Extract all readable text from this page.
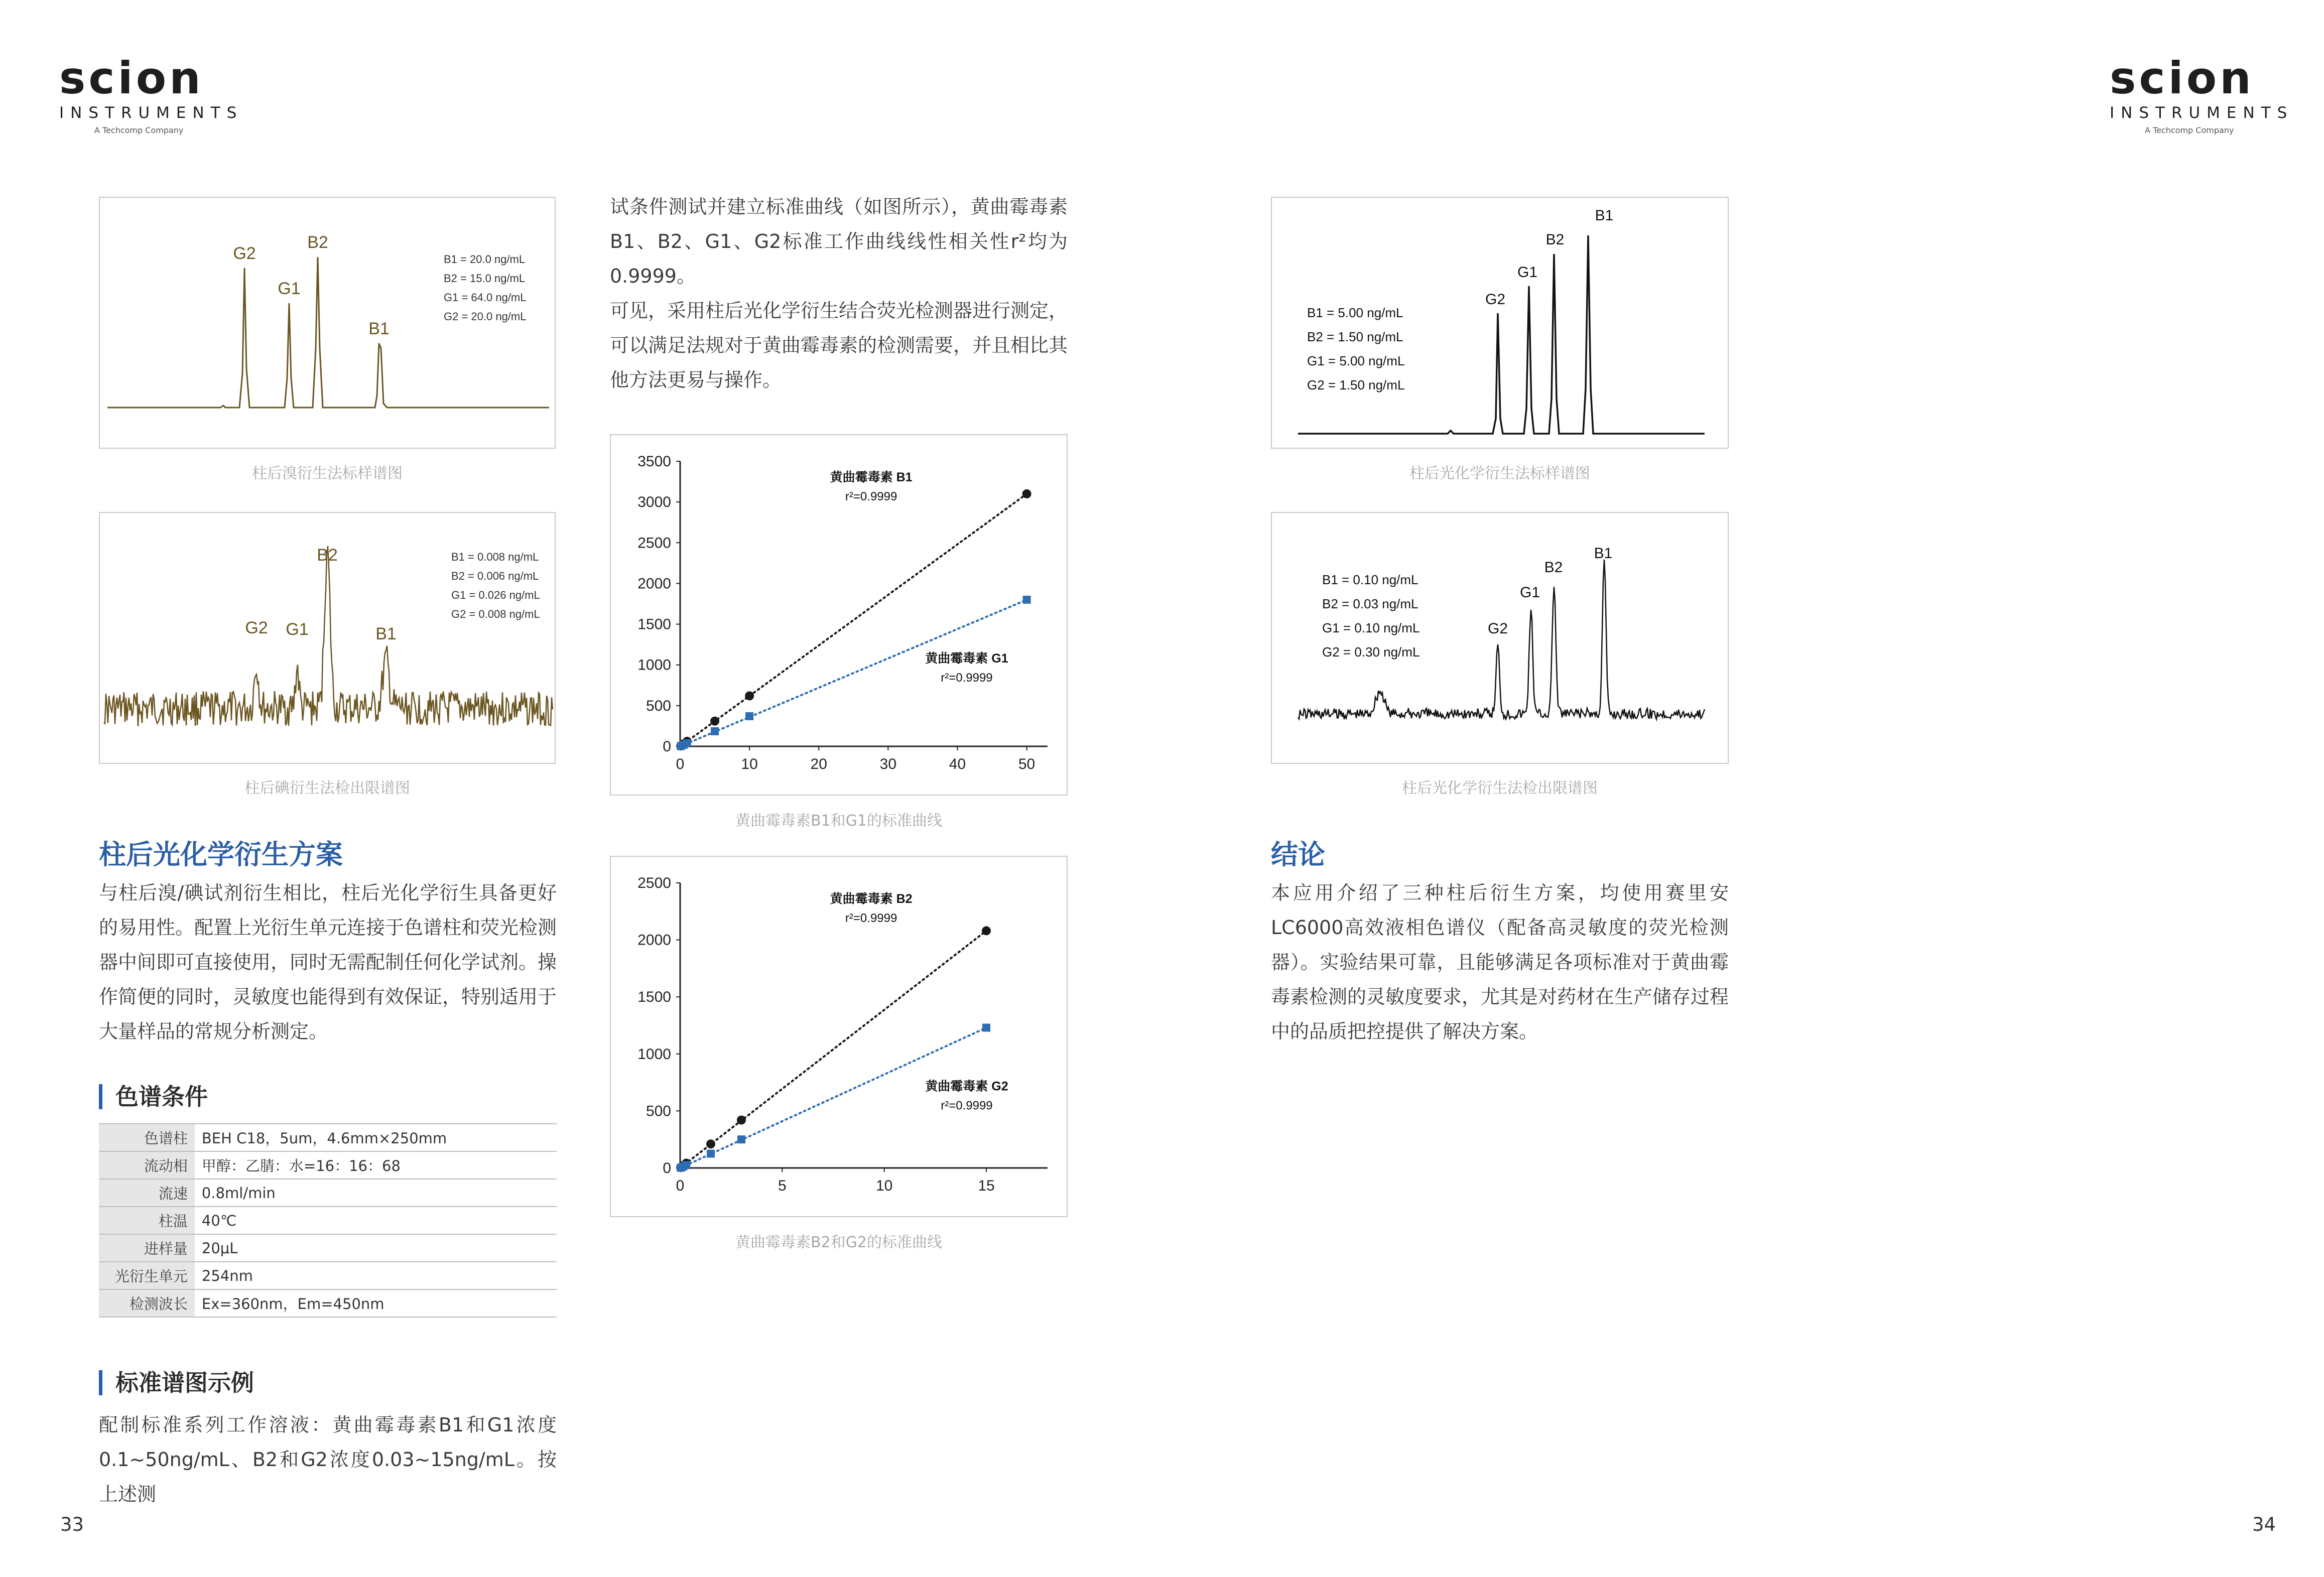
scion
INSTRUMENTS
A Techcomp Company
scion
INSTRUMENTS
A Techcomp Company
G2
G1
B2
B1
B1 = 20.0 ng/mL
B2 = 15.0 ng/mL
G1 = 64.0 ng/mL
G2 = 20.0 ng/mL
柱后溴衍生法标样谱图
G2 G1
B2
B1
B1 = 0.008 ng/mL
B2 = 0.006 ng/mL
G1 = 0.026 ng/mL
G2 = 0.008 ng/mL
柱后碘衍生法检出限谱图
柱后光化学衍生方案
与柱后溴/碘试剂衍生相比，柱后光化学衍生具备更好的易用性。配置上光衍生单元连接于色谱柱和荧光检测器中间即可直接使用，同时无需配制任何化学试剂。操作简便的同时，灵敏度也能得到有效保证，特别适用于大量样品的常规分析测定。
色谱条件
色谱柱	BEH C18，5um，4.6mm×250mm
流动相	甲醇：乙腈：水=16：16：68
流速	0.8ml/min
柱温	40℃
进样量	20μL
光衍生单元	254nm
检测波长	Ex=360nm，Em=450nm
标准谱图示例
配制标准系列工作溶液：黄曲霉毒素B1和G1浓度0.1~50ng/mL、B2和G2浓度0.03~15ng/mL。按上述测
33	34

试条件测试并建立标准曲线（如图所示），黄曲霉毒素B1、B2、G1、G2标准工作曲线线性相关性r²均为0.9999。

可见，采用柱后光化学衍生结合荧光检测器进行测定，可以满足法规对于黄曲霉毒素的检测需要，并且相比其他方法更易与操作。

0
500
1000
1500
2000
2500
3000
3500
0	10	20	30	40	50
黄曲霉毒素 B1
r²=0.9999
黄曲霉毒素 G1
r²=0.9999
黄曲霉毒素B1和G1的标准曲线
0
500
1000
1500
2000
2500
0	5	10	15
黄曲霉毒素 B2
r²=0.9999
黄曲霉毒素 G2
r²=0.9999
黄曲霉毒素B2和G2的标准曲线
G2
G1
B2
B1
B1 = 5.00 ng/mL
B2 = 1.50 ng/mL
G1 = 5.00 ng/mL
G2 = 1.50 ng/mL
柱后光化学衍生法标样谱图
G2
G1
B2
B1
B1 = 0.10 ng/mL
B2 = 0.03 ng/mL
G1 = 0.10 ng/mL
G2 = 0.30 ng/mL
柱后光化学衍生法检出限谱图
结论
本应用介绍了三种柱后衍生方案，均使用赛里安LC6000高效液相色谱仪（配备高灵敏度的荧光检测器）。实验结果可靠，且能够满足各项标准对于黄曲霉毒素检测的灵敏度要求，尤其是对药材在生产储存过程中的品质把控提供了解决方案。
